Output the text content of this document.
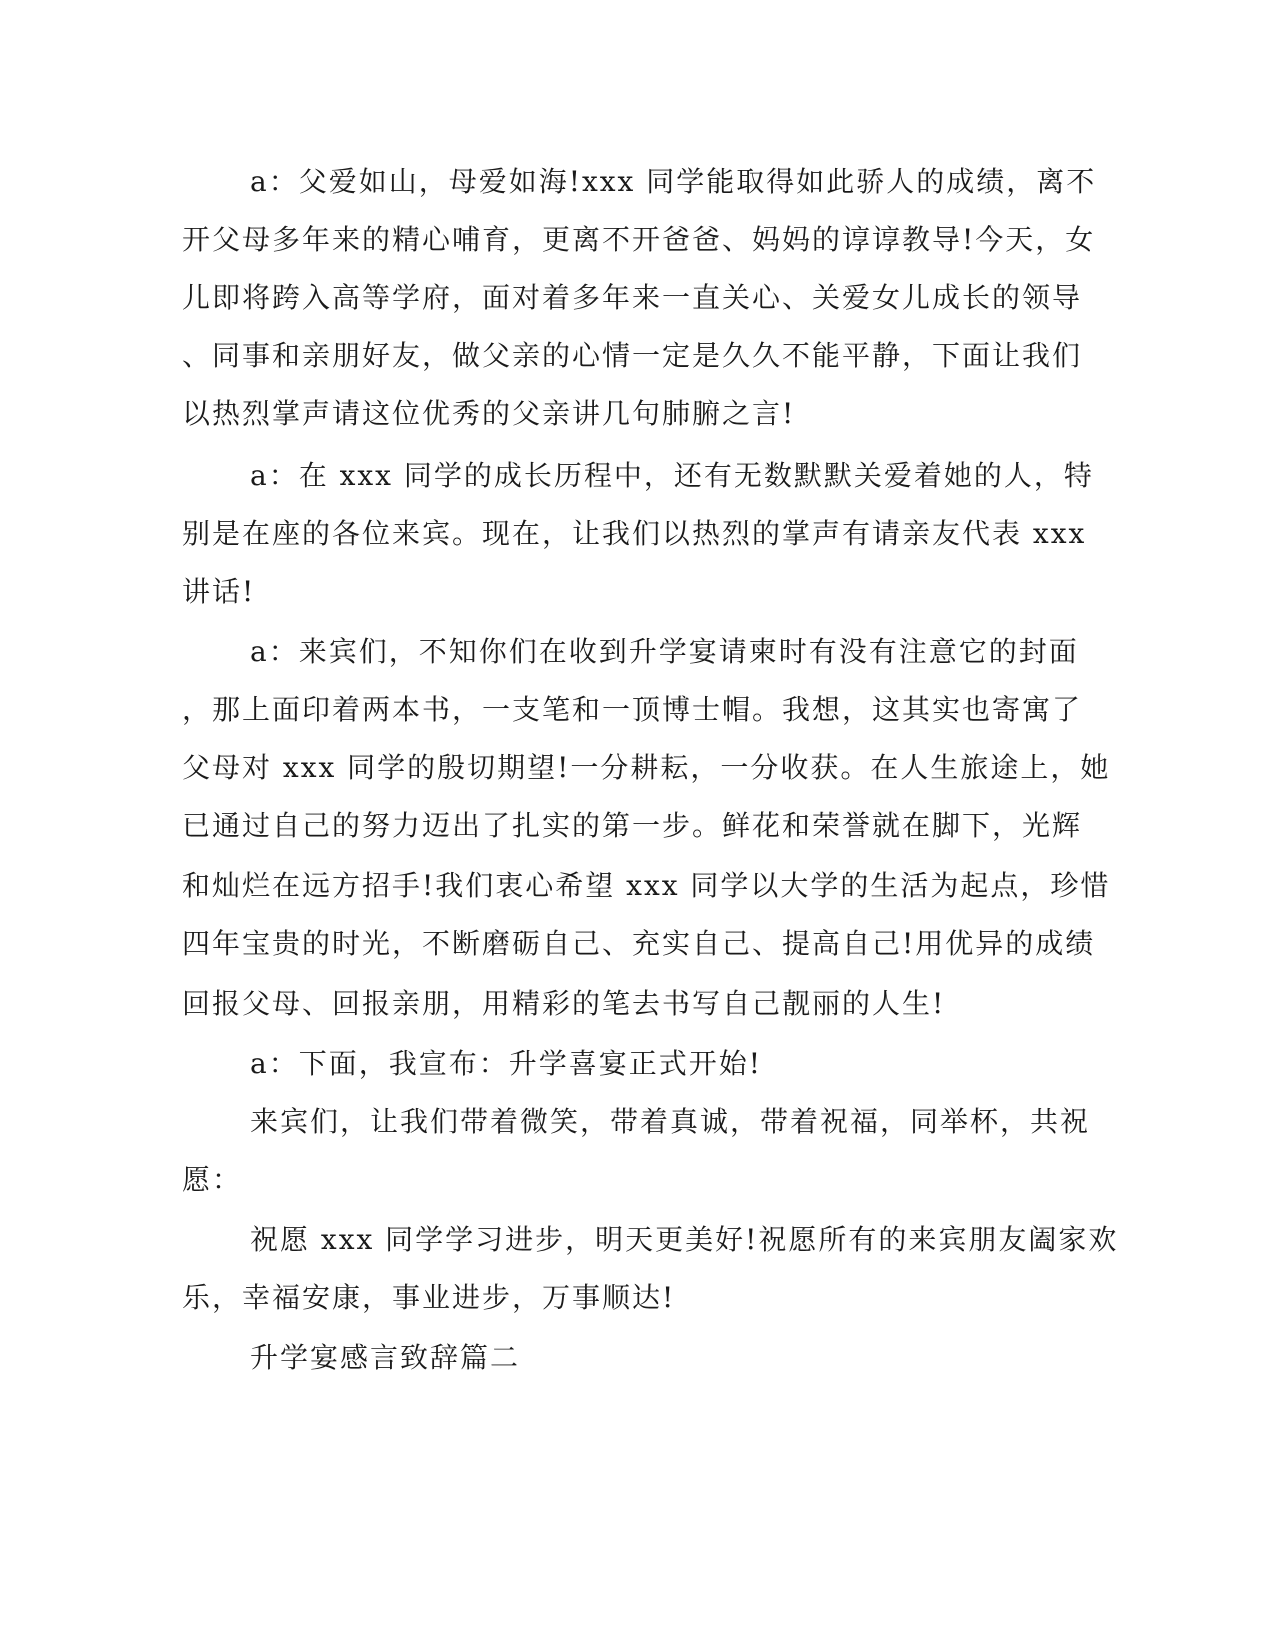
a：父爱如山，母爱如海!xxx 同学能取得如此骄人的成绩，离不
开父母多年来的精心哺育，更离不开爸爸、妈妈的谆谆教导!今天，女
儿即将跨入高等学府，面对着多年来一直关心、关爱女儿成长的领导
、同事和亲朋好友，做父亲的心情一定是久久不能平静，下面让我们
以热烈掌声请这位优秀的父亲讲几句肺腑之言!
a：在 xxx 同学的成长历程中，还有无数默默关爱着她的人，特
别是在座的各位来宾。现在，让我们以热烈的掌声有请亲友代表 xxx
讲话!
a：来宾们，不知你们在收到升学宴请柬时有没有注意它的封面
，那上面印着两本书，一支笔和一顶博士帽。我想，这其实也寄寓了
父母对 xxx 同学的殷切期望!一分耕耘，一分收获。在人生旅途上，她
已通过自己的努力迈出了扎实的第一步。鲜花和荣誉就在脚下，光辉
和灿烂在远方招手!我们衷心希望 xxx 同学以大学的生活为起点，珍惜
四年宝贵的时光，不断磨砺自己、充实自己、提高自己!用优异的成绩
回报父母、回报亲朋，用精彩的笔去书写自己靓丽的人生!
a：下面，我宣布：升学喜宴正式开始!
来宾们，让我们带着微笑，带着真诚，带着祝福，同举杯，共祝
愿：
祝愿 xxx 同学学习进步，明天更美好!祝愿所有的来宾朋友阖家欢
乐，幸福安康，事业进步，万事顺达!
升学宴感言致辞篇二
